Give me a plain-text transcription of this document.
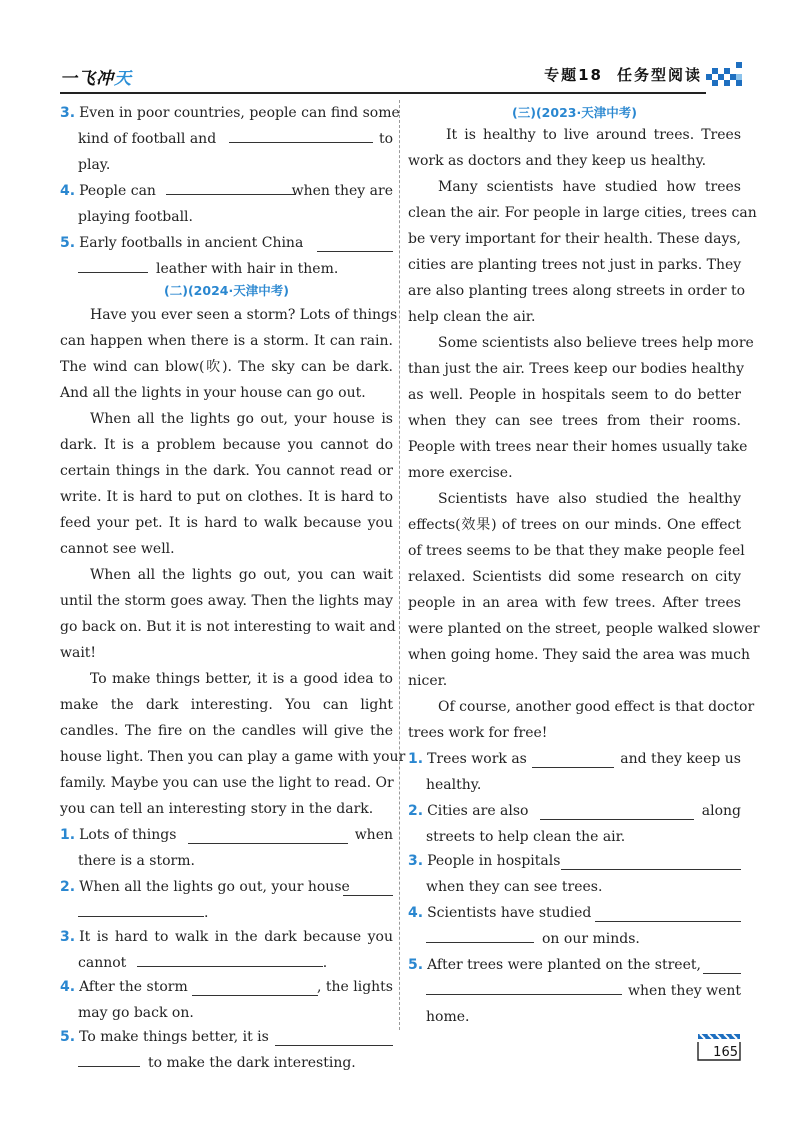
一飞冲天	专题18 任务型阅读
3. Even in poor countries, people can find some
kind of football and	to
play.
4. People can	when they are
playing football.
5. Early footballs in ancient China
leather with hair in them.
(二)(2024·天津中考)
Have you ever seen a storm? Lots of things
can happen when there is a storm. It can rain.
The wind can blow(吹). The sky can be dark.
And all the lights in your house can go out.
When all the lights go out, your house is
dark. It is a problem because you cannot do
certain things in the dark. You cannot read or
write. It is hard to put on clothes. It is hard to
feed your pet. It is hard to walk because you
cannot see well.
When all the lights go out, you can wait
until the storm goes away. Then the lights may
go back on. But it is not interesting to wait and
wait!
To make things better, it is a good idea to
make the dark interesting. You can light
candles. The fire on the candles will give the
house light. Then you can play a game with your
family. Maybe you can use the light to read. Or
you can tell an interesting story in the dark.
1. Lots of things	when
there is a storm.
2. When all the lights go out, your house
.
3. It is hard to walk in the dark because you
cannot	.
4. After the storm	, the lights
may go back on.
5. To make things better, it is
to make the dark interesting.
(三)(2023·天津中考)
It is healthy to live around trees. Trees
work as doctors and they keep us healthy.
Many scientists have studied how trees
clean the air. For people in large cities, trees can
be very important for their health. These days,
cities are planting trees not just in parks. They
are also planting trees along streets in order to
help clean the air.
Some scientists also believe trees help more
than just the air. Trees keep our bodies healthy
as well. People in hospitals seem to do better
when they can see trees from their rooms.
People with trees near their homes usually take
more exercise.
Scientists have also studied the healthy
effects(效果) of trees on our minds. One effect
of trees seems to be that they make people feel
relaxed. Scientists did some research on city
people in an area with few trees. After trees
were planted on the street, people walked slower
when going home. They said the area was much
nicer.
Of course, another good effect is that doctor
trees work for free!
1. Trees work as	and they keep us
healthy.
2. Cities are also	along
streets to help clean the air.
3. People in hospitals
when they can see trees.
4. Scientists have studied
on our minds.
5. After trees were planted on the street,
when they went
home.
165
